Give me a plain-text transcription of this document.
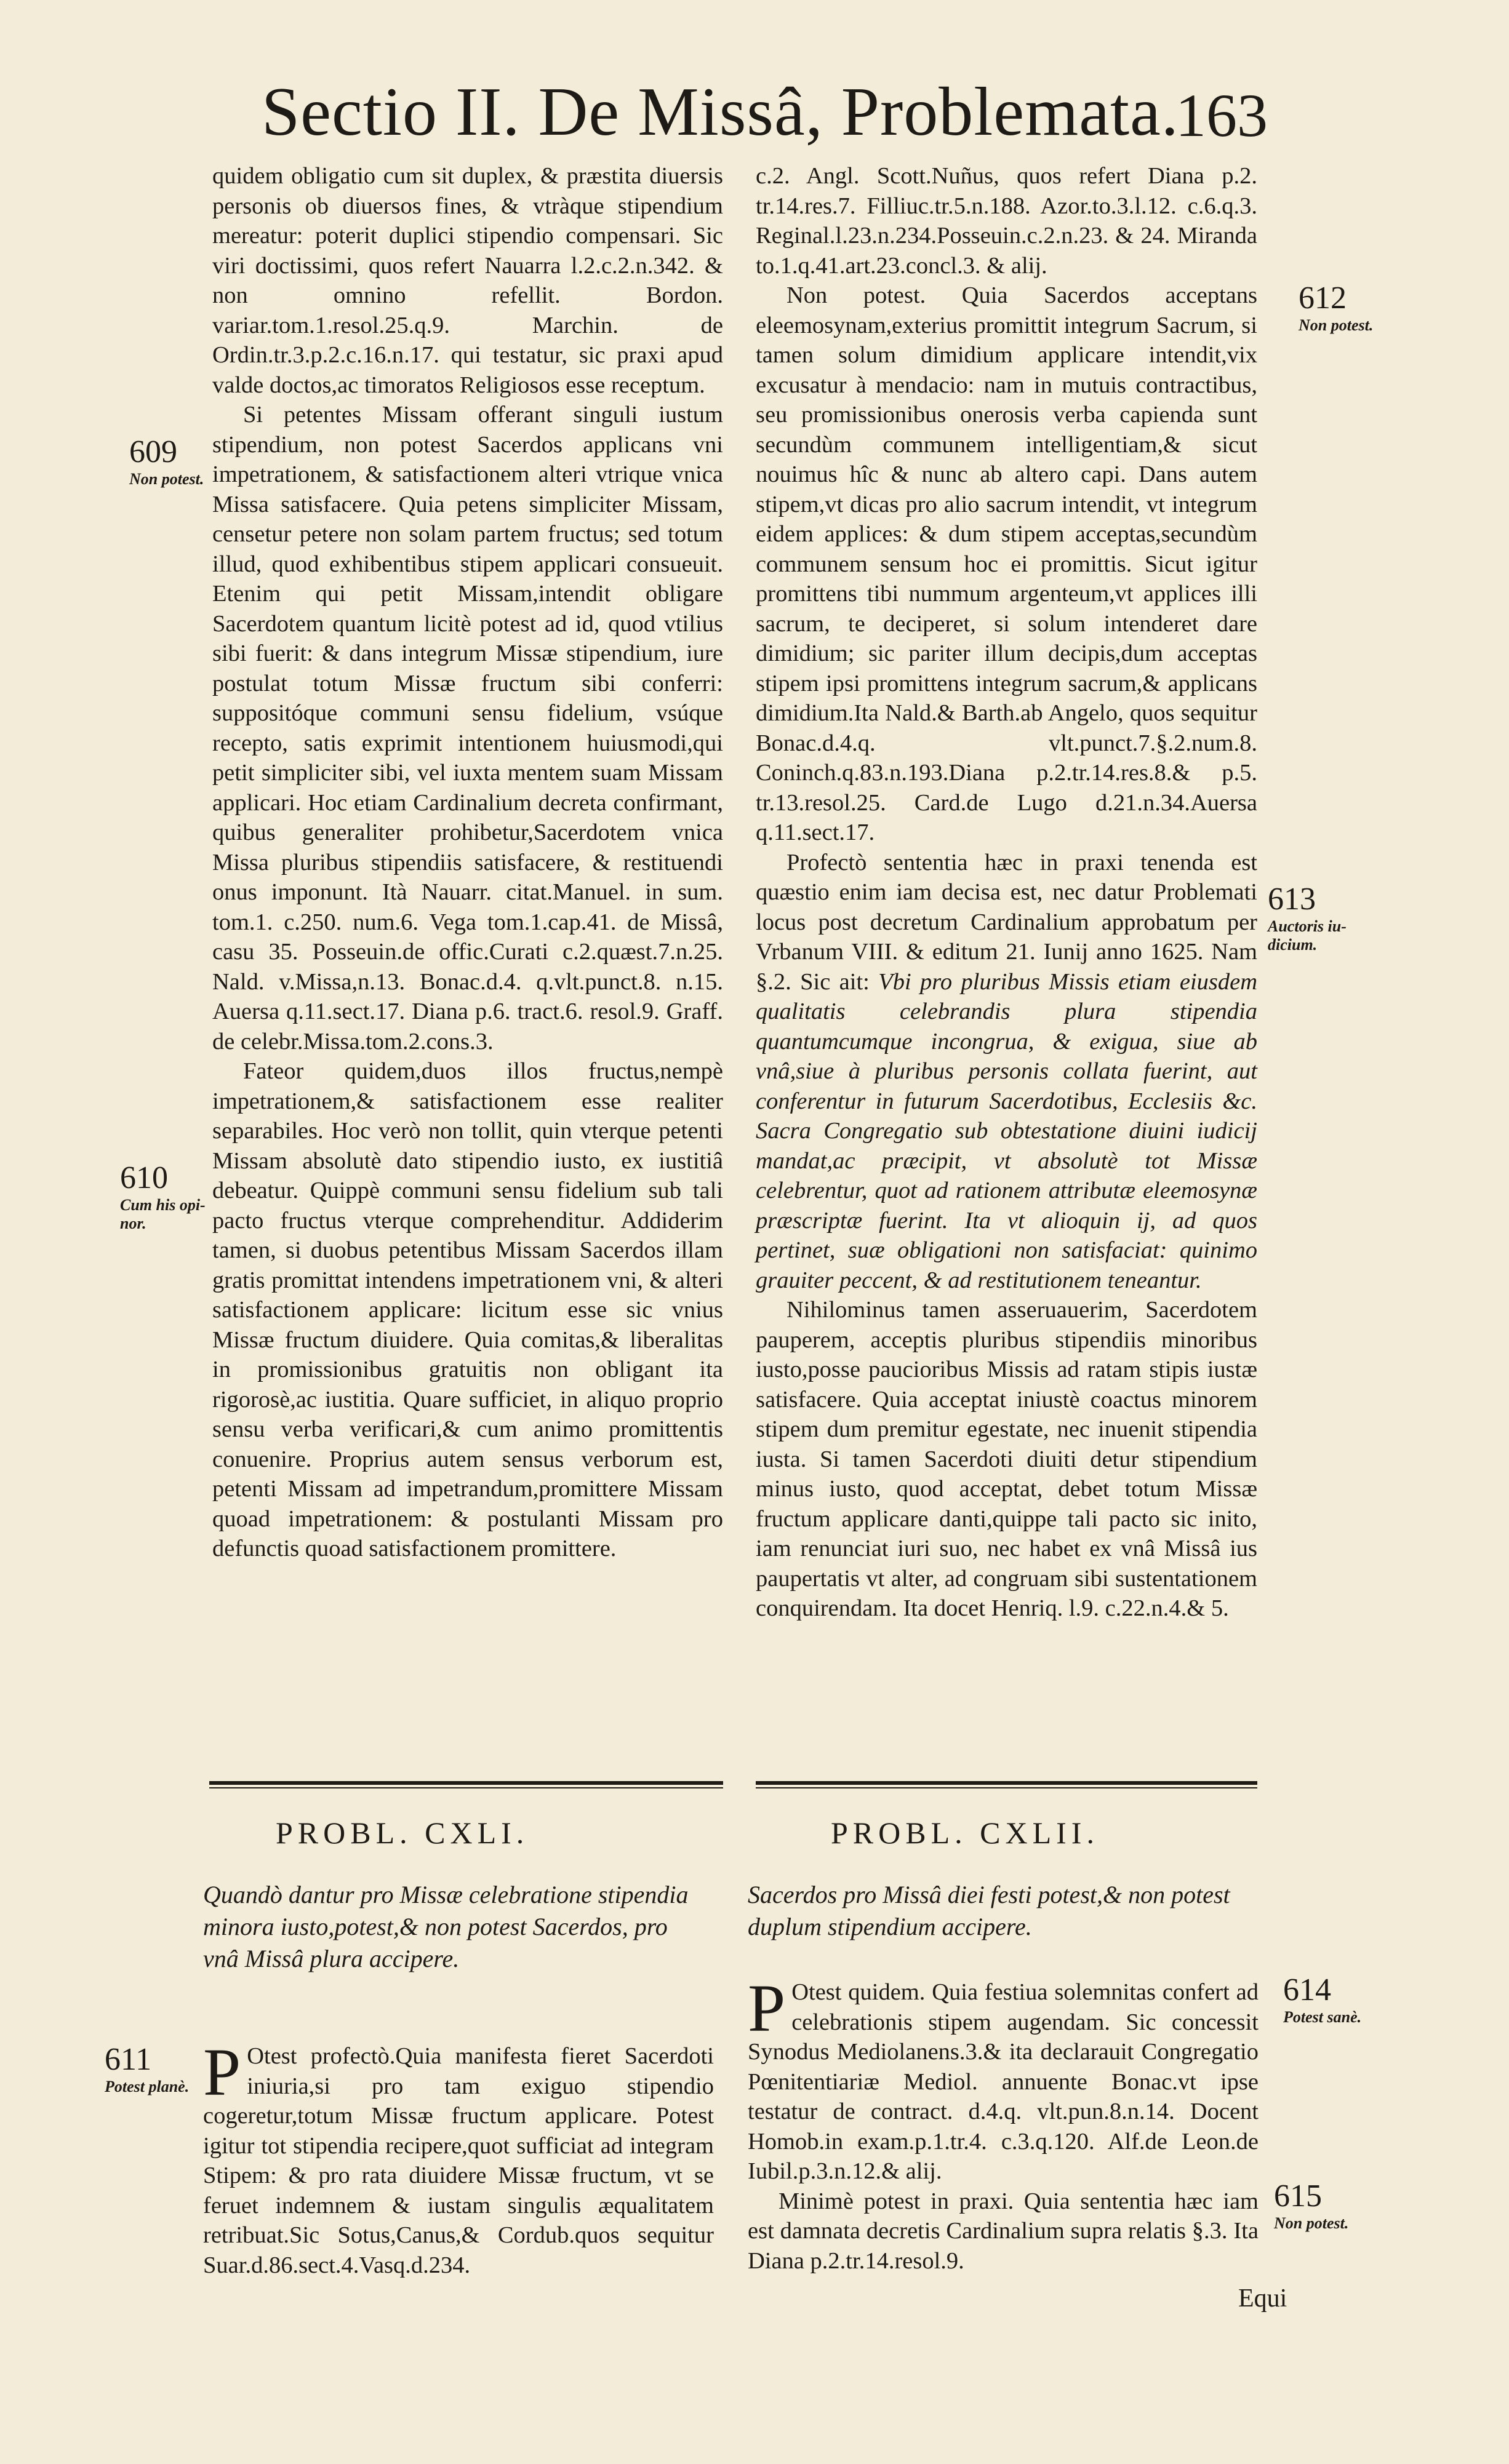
Sectio II. De Missâ, Problemata.
163

quidem obligatio cum sit duplex, & præstita diuersis personis ob diuersos fines, & vtràque stipendium mereatur: poterit duplici stipendio compensari. Sic viri doctissimi, quos refert Nauarra l.2.c.2.n.342. & non omnino refellit. Bordon. variar.tom.1.resol.25.q.9. Marchin. de Ordin.tr.3.p.2.c.16.n.17. qui testatur, sic praxi apud valde doctos,ac timoratos Religiosos esse receptum.

Si petentes Missam offerant singuli iustum stipendium, non potest Sacerdos applicans vni impetrationem, & satisfactionem alteri vtrique vnica Missa satisfacere. Quia petens simpliciter Missam, censetur petere non solam partem fructus; sed totum illud, quod exhibentibus stipem applicari consueuit. Etenim qui petit Missam,intendit obligare Sacerdotem quantum licitè potest ad id, quod vtilius sibi fuerit: & dans integrum Missæ stipendium, iure postulat totum Missæ fructum sibi conferri: suppositóque communi sensu fidelium, vsúque recepto, satis exprimit intentionem huiusmodi,qui petit simpliciter sibi, vel iuxta mentem suam Missam applicari. Hoc etiam Cardinalium decreta confirmant, quibus generaliter prohibetur,Sacerdotem vnica Missa pluribus stipendiis satisfacere, & restituendi onus imponunt. Ità Nauarr. citat.Manuel. in sum. tom.1. c.250. num.6. Vega tom.1.cap.41. de Missâ, casu 35. Posseuin.de offic.Curati c.2.quæst.7.n.25. Nald. v.Missa,n.13. Bonac.d.4. q.vlt.punct.8. n.15. Auersa q.11.sect.17. Diana p.6. tract.6. resol.9. Graff. de celebr.Missa.tom.2.cons.3.

Fateor quidem,duos illos fructus,nempè impetrationem,& satisfactionem esse realiter separabiles. Hoc verò non tollit, quin vterque petenti Missam absolutè dato stipendio iusto, ex iustitiâ debeatur. Quippè communi sensu fidelium sub tali pacto fructus vterque comprehenditur. Addiderim tamen, si duobus petentibus Missam Sacerdos illam gratis promittat intendens impetrationem vni, & alteri satisfactionem applicare: licitum esse sic vnius Missæ fructum diuidere. Quia comitas,& liberalitas in promissionibus gratuitis non obligant ita rigorosè,ac iustitia. Quare sufficiet, in aliquo proprio sensu verba verificari,& cum animo promittentis conuenire. Proprius autem sensus verborum est, petenti Missam ad impetrandum,promittere Missam quoad impetrationem: & postulanti Missam pro defunctis quoad satisfactionem promittere.

c.2. Angl. Scott.Nuñus, quos refert Diana p.2. tr.14.res.7. Filliuc.tr.5.n.188. Azor.to.3.l.12. c.6.q.3. Reginal.l.23.n.234.Posseuin.c.2.n.23. & 24. Miranda to.1.q.41.art.23.concl.3. & alij.

Non potest. Quia Sacerdos acceptans eleemosynam,exterius promittit integrum Sacrum, si tamen solum dimidium applicare intendit,vix excusatur à mendacio: nam in mutuis contractibus, seu promissionibus onerosis verba capienda sunt secundùm communem intelligentiam,& sicut nouimus hîc & nunc ab altero capi. Dans autem stipem,vt dicas pro alio sacrum intendit, vt integrum eidem applices: & dum stipem acceptas,secundùm communem sensum hoc ei promittis. Sicut igitur promittens tibi nummum argenteum,vt applices illi sacrum, te deciperet, si solum intenderet dare dimidium; sic pariter illum decipis,dum acceptas stipem ipsi promittens integrum sacrum,& applicans dimidium.Ita Nald.& Barth.ab Angelo, quos sequitur Bonac.d.4.q. vlt.punct.7.§.2.num.8. Coninch.q.83.n.193.Diana p.2.tr.14.res.8.& p.5. tr.13.resol.25. Card.de Lugo d.21.n.34.Auersa q.11.sect.17.

Profectò sententia hæc in praxi tenenda est quæstio enim iam decisa est, nec datur Problemati locus post decretum Cardinalium approbatum per Vrbanum VIII. & editum 21. Iunij anno 1625. Nam §.2. Sic ait: Vbi pro pluribus Missis etiam eiusdem qualitatis celebrandis plura stipendia quantumcumque incongrua, & exigua, siue ab vnâ,siue à pluribus personis collata fuerint, aut conferentur in futurum Sacerdotibus, Ecclesiis &c. Sacra Congregatio sub obtestatione diuini iudicij mandat,ac præcipit, vt absolutè tot Missæ celebrentur, quot ad rationem attributæ eleemosynæ præscriptæ fuerint. Ita vt alioquin ij, ad quos pertinet, suæ obligationi non satisfaciat: quinimo grauiter peccent, & ad restitutionem teneantur.

Nihilominus tamen asseruauerim, Sacerdotem pauperem, acceptis pluribus stipendiis minoribus iusto,posse paucioribus Missis ad ratam stipis iustæ satisfacere. Quia acceptat iniustè coactus minorem stipem dum premitur egestate, nec inuenit stipendia iusta. Si tamen Sacerdoti diuiti detur stipendium minus iusto, quod acceptat, debet totum Missæ fructum applicare danti,quippe tali pacto sic inito, iam renunciat iuri suo, nec habet ex vnâ Missâ ius paupertatis vt alter, ad congruam sibi sustentationem conquirendam. Ita docet Henriq. l.9. c.22.n.4.& 5.

609
Non potest.
610
Cum his opi-
nor.
611
Potest planè.
612
Non potest.
613
Auctoris iu-
dicium.
614
Potest sanè.
615
Non potest.
PROBL. CXLI.
Quandò dantur pro Missæ celebratione stipendia minora iusto,potest,& non potest Sacerdos, pro vnâ Missâ plura accipere.

P Otest profectò.Quia manifesta fieret Sacerdoti iniuria,si pro tam exiguo stipendio cogeretur,totum Missæ fructum applicare. Potest igitur tot stipendia recipere,quot sufficiat ad integram Stipem: & pro rata diuidere Missæ fructum, vt se feruet indemnem & iustam singulis æqualitatem retribuat.Sic Sotus,Canus,& Cordub.quos sequitur Suar.d.86.sect.4.Vasq.d.234.

PROBL. CXLII.
Sacerdos pro Missâ diei festi potest,& non potest duplum stipendium accipere.

P Otest quidem. Quia festiua solemnitas confert ad celebrationis stipem augendam. Sic concessit Synodus Mediolanens.3.& ita declarauit Congregatio Pœnitentiariæ Mediol. annuente Bonac.vt ipse testatur de contract. d.4.q. vlt.pun.8.n.14. Docent Homob.in exam.p.1.tr.4. c.3.q.120. Alf.de Leon.de Iubil.p.3.n.12.& alij.

Minimè potest in praxi. Quia sententia hæc iam est damnata decretis Cardinalium supra relatis §.3. Ita Diana p.2.tr.14.resol.9.

Equi
